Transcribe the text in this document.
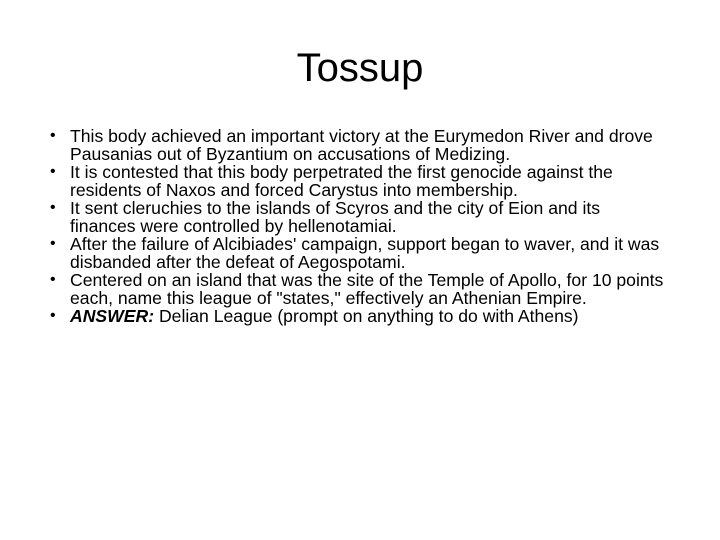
Tossup
• This body achieved an important victory at the Eurymedon River and drove Pausanias out of Byzantium on accusations of Medizing.
• It is contested that this body perpetrated the first genocide against the residents of Naxos and forced Carystus into membership.
• It sent cleruchies to the islands of Scyros and the city of Eion and its finances were controlled by hellenotamiai.
• After the failure of Alcibiades' campaign, support began to waver, and it was disbanded after the defeat of Aegospotami.
• Centered on an island that was the site of the Temple of Apollo, for 10 points each, name this league of "states," effectively an Athenian Empire.
• ANSWER: Delian League (prompt on anything to do with Athens)
